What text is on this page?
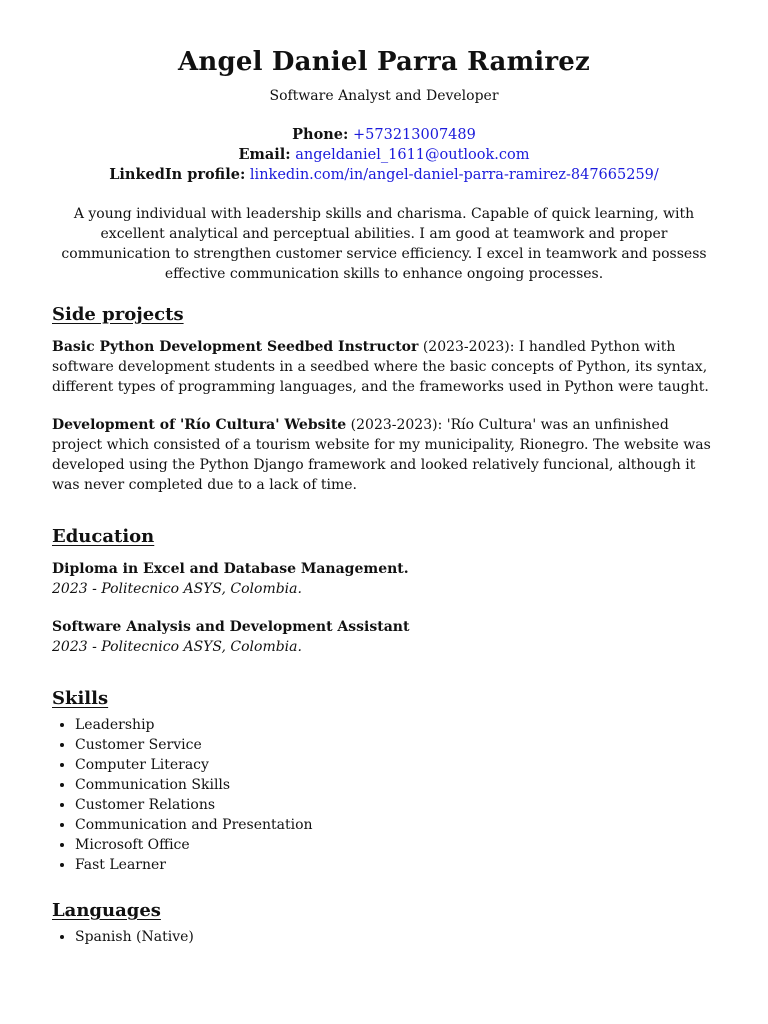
Angel Daniel Parra Ramirez

Software Analyst and Developer

Phone: +573213007489
Email: angeldaniel_1611@outlook.com
LinkedIn profile: linkedin.com/in/angel-daniel-parra-ramirez-847665259/
A young individual with leadership skills and charisma. Capable of quick learning, with excellent analytical and perceptual abilities. I am good at teamwork and proper communication to strengthen customer service efficiency. I excel in teamwork and possess effective communication skills to enhance ongoing processes.
Side projects

Basic Python Development Seedbed Instructor (2023-2023): I handled Python with software development students in a seedbed where the basic concepts of Python, its syntax, different types of programming languages, and the frameworks used in Python were taught.

Development of 'Río Cultura' Website (2023-2023): 'Río Cultura' was an unfinished project which consisted of a tourism website for my municipality, Rionegro. The website was developed using the Python Django framework and looked relatively funcional, although it was never completed due to a lack of time.

Education

Diploma in Excel and Database Management.

2023 - Politecnico ASYS, Colombia.

Software Analysis and Development Assistant

2023 - Politecnico ASYS, Colombia.

Skills
• Leadership
• Customer Service
• Computer Literacy
• Communication Skills
• Customer Relations
• Communication and Presentation
• Microsoft Office
• Fast Learner
Languages
• Spanish (Native)
